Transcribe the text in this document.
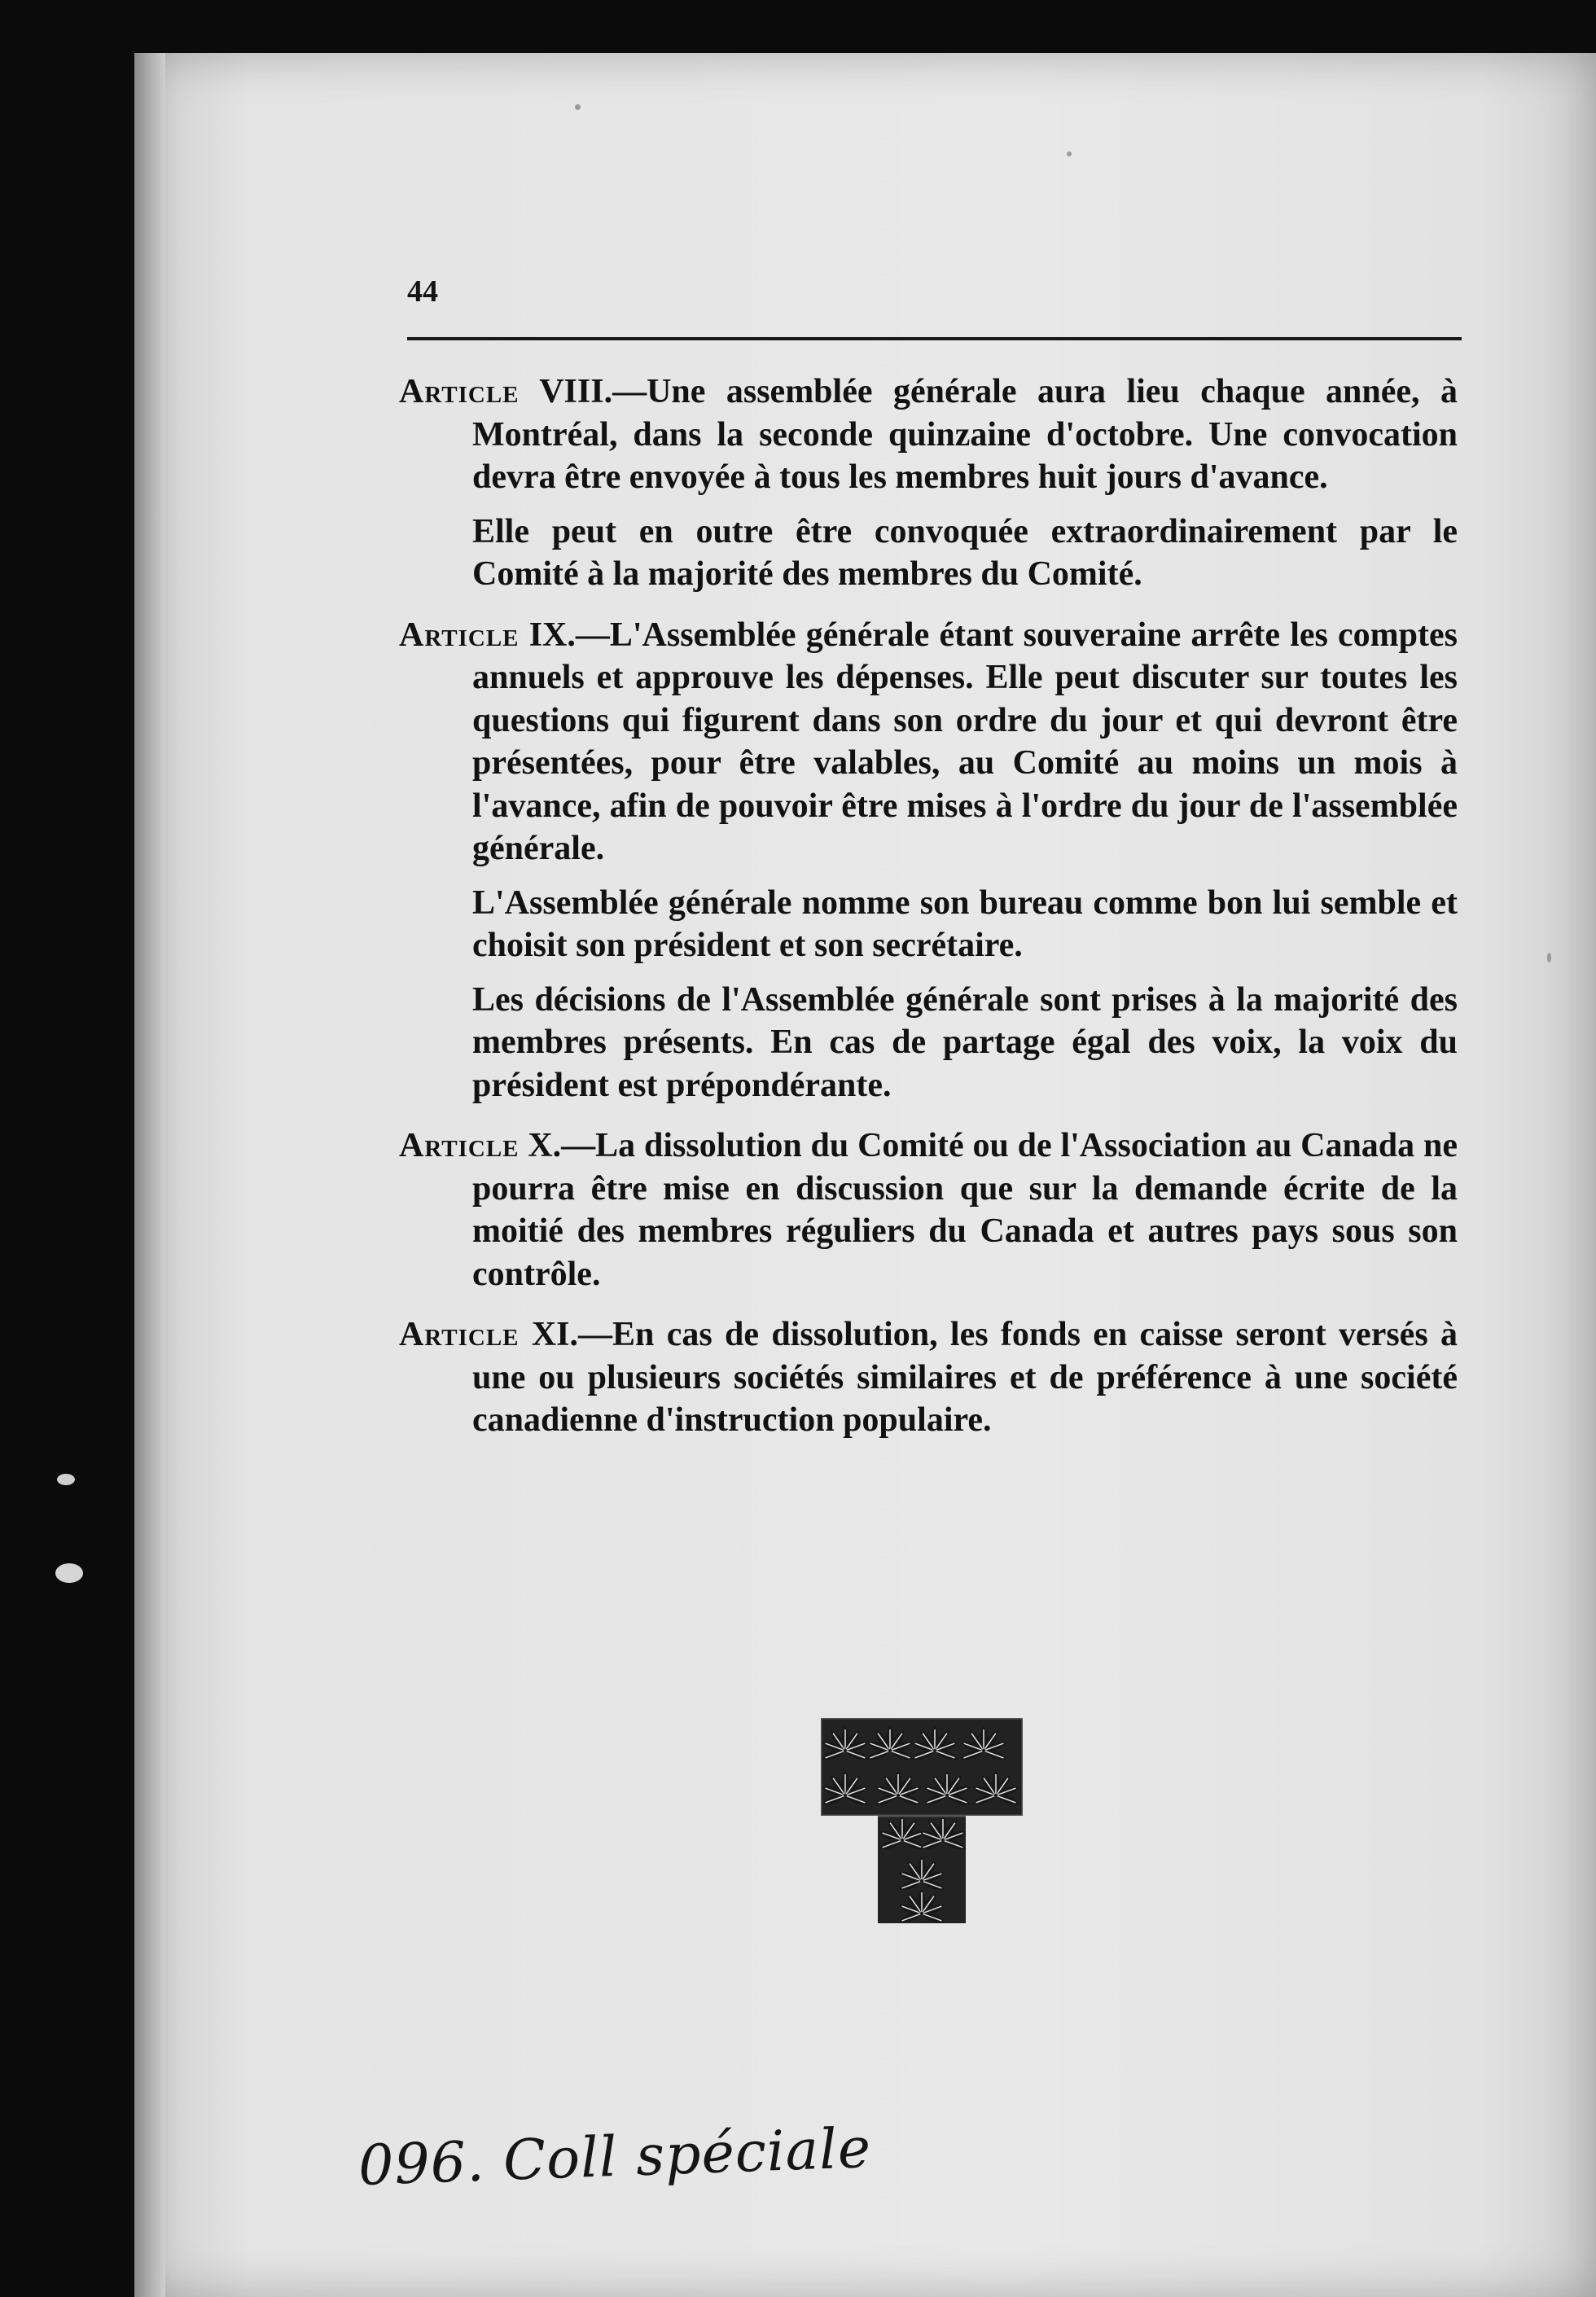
44

Article VIII.—Une assemblée générale aura lieu chaque année, à Montréal, dans la seconde quinzaine d'octobre. Une convocation devra être envoyée à tous les membres huit jours d'avance.

Elle peut en outre être convoquée extraordinairement par le Comité à la majorité des membres du Comité.

Article IX.—L'Assemblée générale étant souveraine arrête les comptes annuels et approuve les dépenses. Elle peut discuter sur toutes les questions qui figurent dans son ordre du jour et qui devront être présentées, pour être valables, au Comité au moins un mois à l'avance, afin de pouvoir être mises à l'ordre du jour de l'assemblée générale.

L'Assemblée générale nomme son bureau comme bon lui semble et choisit son président et son secrétaire.

Les décisions de l'Assemblée générale sont prises à la majorité des membres présents. En cas de partage égal des voix, la voix du président est prépondérante.

Article X.—La dissolution du Comité ou de l'Association au Canada ne pourra être mise en discussion que sur la demande écrite de la moitié des membres réguliers du Canada et autres pays sous son contrôle.

Article XI.—En cas de dissolution, les fonds en caisse seront versés à une ou plusieurs sociétés similaires et de préférence à une société canadienne d'instruction populaire.

096. Coll spéciale
